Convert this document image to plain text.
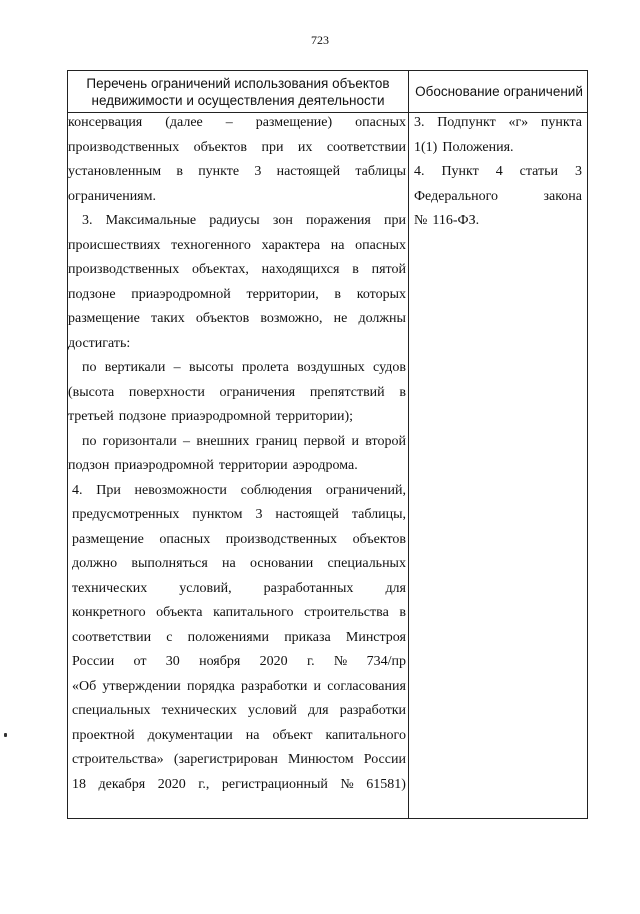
723
Перечень ограничений использования объектов
недвижимости и осуществления деятельности
Обоснование ограничений
консервация (далее – размещение) опасных
производственных объектов при их соответствии
установленным в пункте 3 настоящей таблицы
ограничениям.
3. Максимальные радиусы зон поражения при
происшествиях техногенного характера на опасных
производственных объектах, находящихся в пятой
подзоне приаэродромной территории, в которых
размещение таких объектов возможно, не должны
достигать:
по вертикали – высоты пролета воздушных судов
(высота поверхности ограничения препятствий в
третьей подзоне приаэродромной территории);
по горизонтали – внешних границ первой и второй
подзон приаэродромной территории аэродрома.
4. При невозможности соблюдения ограничений,
предусмотренных пунктом 3 настоящей таблицы,
размещение опасных производственных объектов
должно выполняться на основании специальных
технических условий, разработанных для
конкретного объекта капитального строительства в
соответствии с положениями приказа Минстроя
России от 30 ноября 2020 г. № 734/пр
«Об утверждении порядка разработки и согласования
специальных технических условий для разработки
проектной документации на объект капитального
строительства» (зарегистрирован Минюстом России
18 декабря 2020 г., регистрационный № 61581)
3. Подпункт «г» пункта
1(1) Положения.
4. Пункт 4 статьи 3
Федерального	закона
№ 116-ФЗ.
